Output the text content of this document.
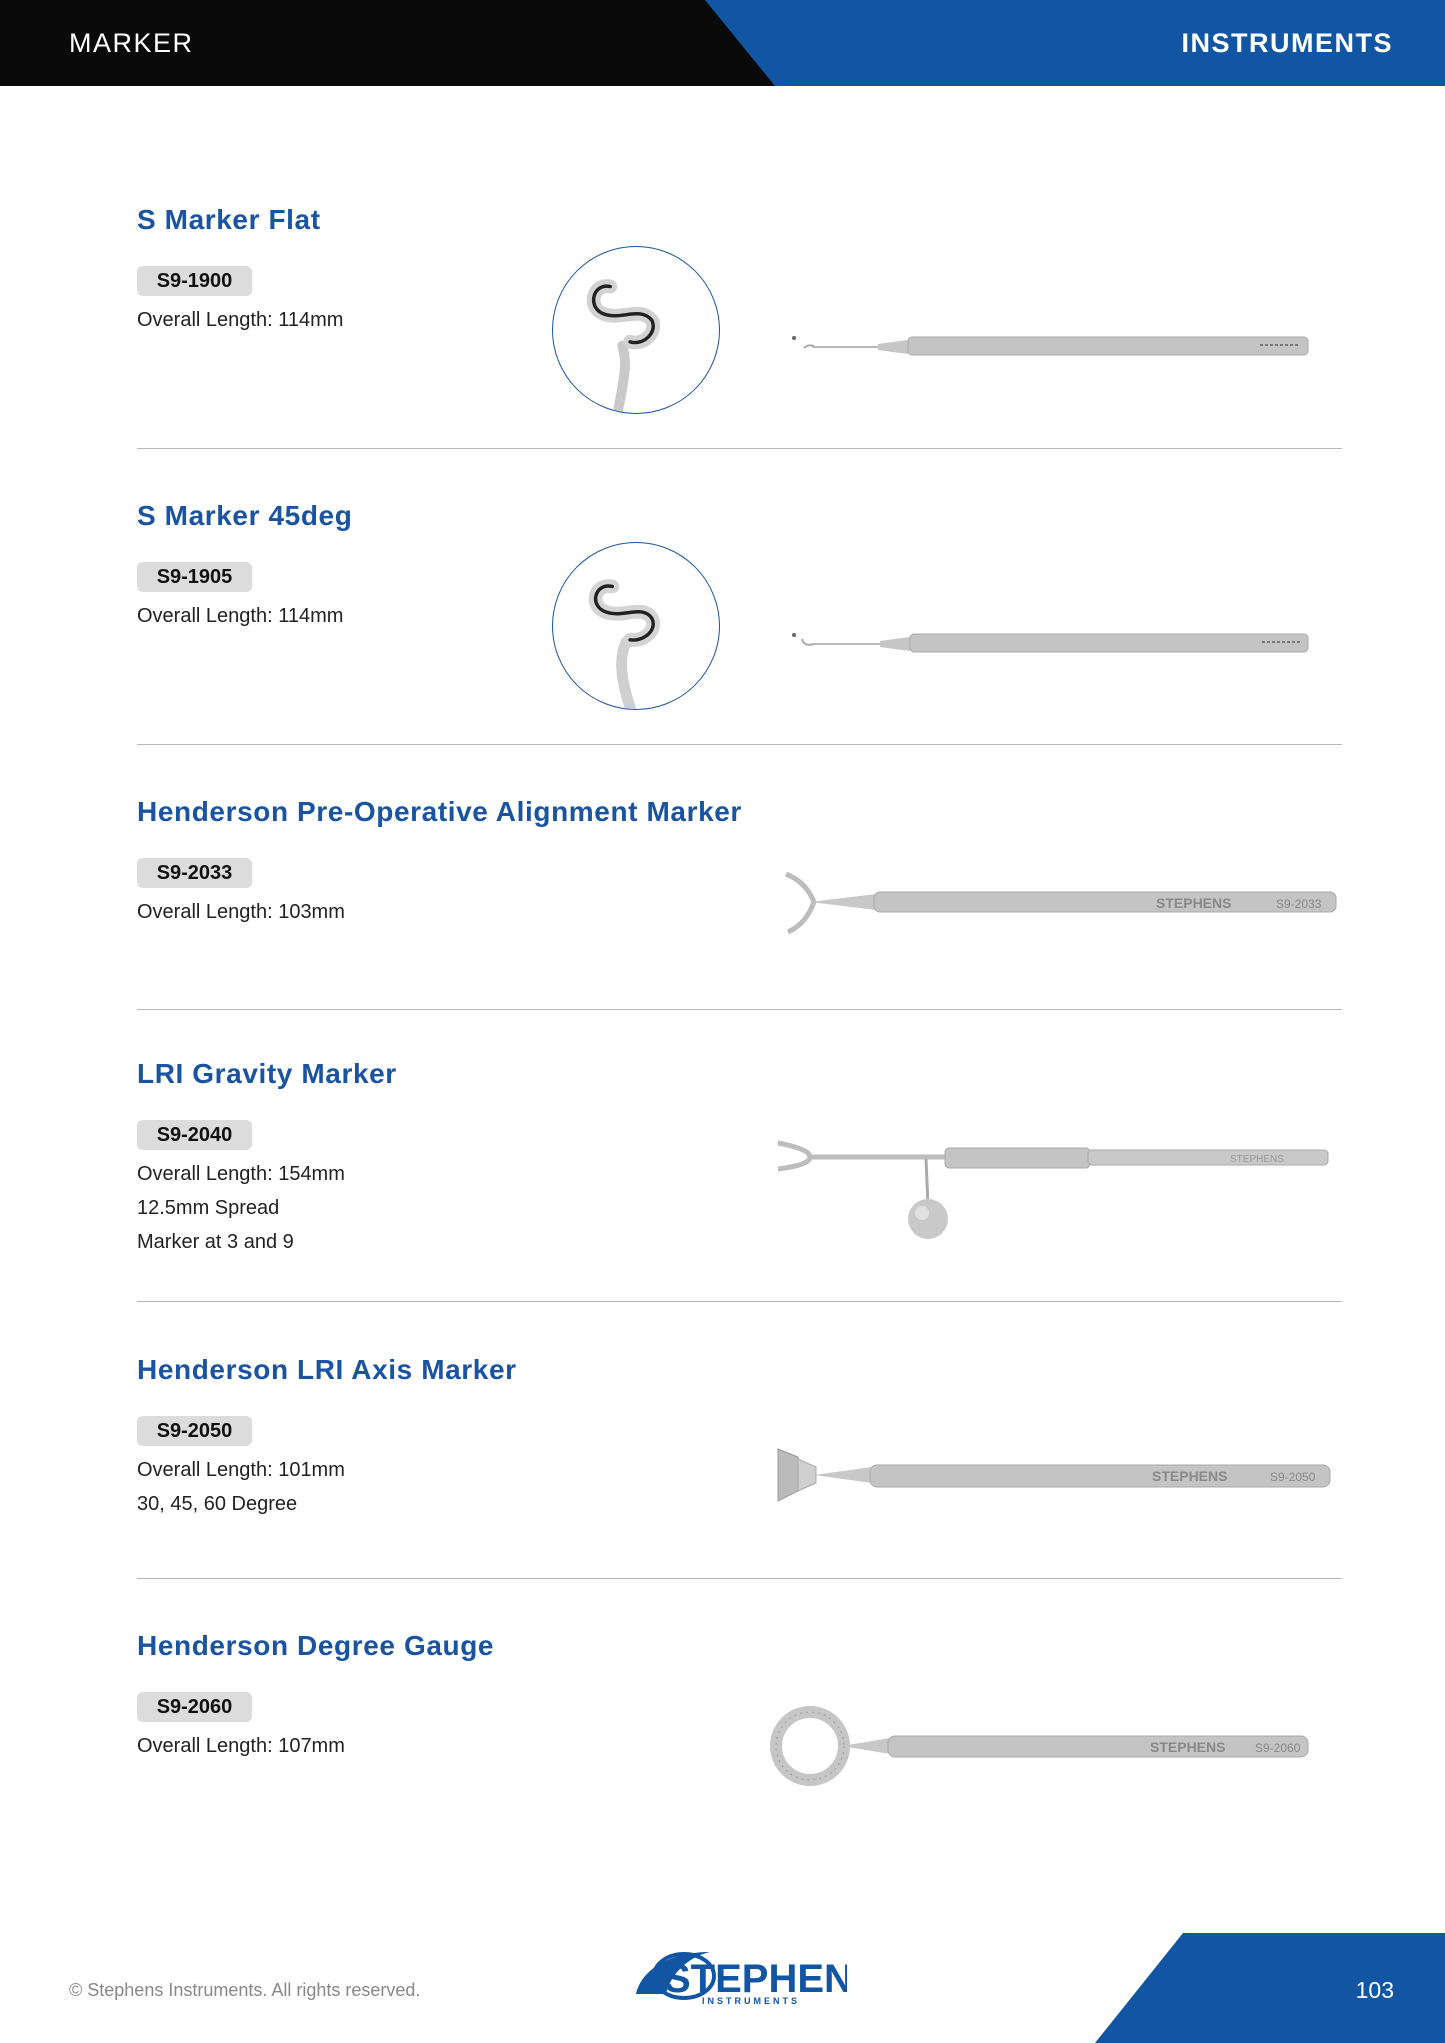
MARKER	INSTRUMENTS
S Marker Flat
S9-1900
Overall Length: 114mm
S Marker 45deg
S9-1905
Overall Length: 114mm
Henderson Pre-Operative Alignment Marker
S9-2033
Overall Length: 103mm	STEPHENS	S9-2033
LRI Gravity Marker
S9-2040
Overall Length: 154mm
12.5mm Spread
Marker at 3 and 9
STEPHENS
Henderson LRI Axis Marker
S9-2050
Overall Length: 101mm
30, 45, 60 Degree
STEPHENS	S9-2050
Henderson Degree Gauge
S9-2060
Overall Length: 107mm	STEPHENS S9-2060
© Stephens Instruments. All rights reserved.	STEPHEN
INSTRUMENTS	103
